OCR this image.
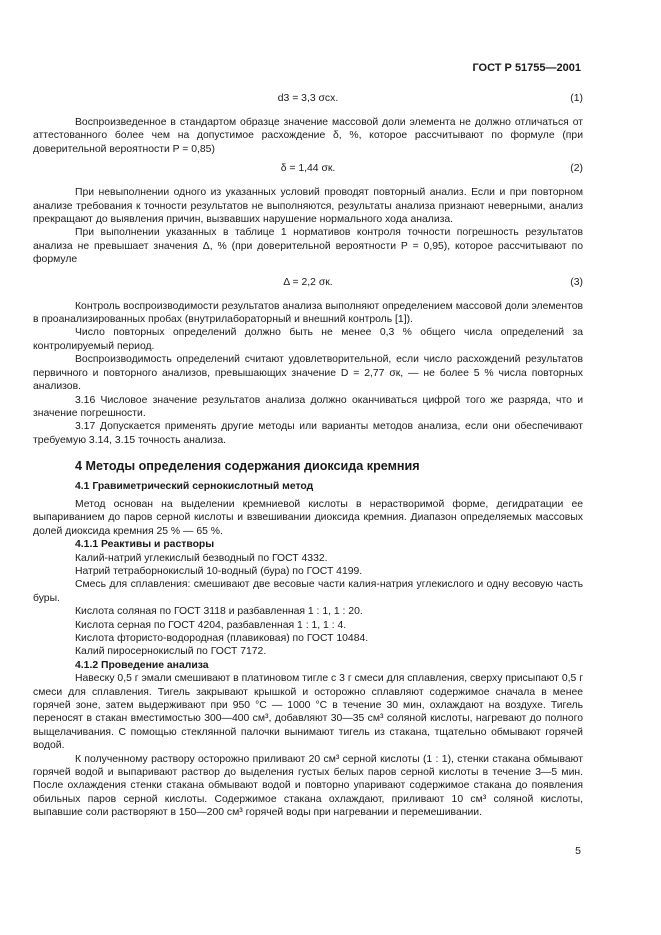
ГОСТ Р 51755—2001
d3 = 3,3 σcx.	(1)

Воспроизведенное в стандартом образце значение массовой доли элемента не должно отличаться от аттестованного более чем на допустимое расхождение δ, %, которое рассчитывают по формуле (при доверительной вероятности P = 0,85)

δ = 1,44 σк.	(2)

При невыполнении одного из указанных условий проводят повторный анализ. Если и при повторном анализе требования к точности результатов не выполняются, результаты анализа признают неверными, анализ прекращают до выявления причин, вызвавших нарушение нормального хода анализа.

При выполнении указанных в таблице 1 нормативов контроля точности погрешность результатов анализа не превышает значения Δ, % (при доверительной вероятности P = 0,95), которое рассчитывают по формуле

Δ = 2,2 σк.	(3)

Контроль воспроизводимости результатов анализа выполняют определением массовой доли элементов в проанализированных пробах (внутрилабораторный и внешний контроль [1]).

Число повторных определений должно быть не менее 0,3 % общего числа определений за контролируемый период.

Воспроизводимость определений считают удовлетворительной, если число расхождений результатов первичного и повторного анализов, превышающих значение D = 2,77 σк, — не более 5 % числа повторных анализов.

3.16 Числовое значение результатов анализа должно оканчиваться цифрой того же разряда, что и значение погрешности.

3.17 Допускается применять другие методы или варианты методов анализа, если они обеспечивают требуемую 3.14, 3.15 точность анализа.

4 Методы определения содержания диоксида кремния
4.1 Гравиметрический сернокислотный метод

Метод основан на выделении кремниевой кислоты в нерастворимой форме, дегидратации ее выпариванием до паров серной кислоты и взвешивании диоксида кремния. Диапазон определяемых массовых долей диоксида кремния 25 % — 65 %.

4.1.1 Реактивы и растворы

Калий-натрий углекислый безводный по ГОСТ 4332.

Натрий тетраборнокислый 10-водный (бура) по ГОСТ 4199.

Смесь для сплавления: смешивают две весовые части калия-натрия углекислого и одну весовую часть буры.

Кислота соляная по ГОСТ 3118 и разбавленная 1 : 1, 1 : 20.

Кислота серная по ГОСТ 4204, разбавленная 1 : 1, 1 : 4.

Кислота фтористо-водородная (плавиковая) по ГОСТ 10484.

Калий пиросернокислый по ГОСТ 7172.

4.1.2 Проведение анализа

Навеску 0,5 г эмали смешивают в платиновом тигле с 3 г смеси для сплавления, сверху присыпают 0,5 г смеси для сплавления. Тигель закрывают крышкой и осторожно сплавляют содержимое сначала в менее горячей зоне, затем выдерживают при 950 °С — 1000 °С в течение 30 мин, охлаждают на воздухе. Тигель переносят в стакан вместимостью 300—400 см³, добавляют 30—35 см³ соляной кислоты, нагревают до полного выщелачивания. С помощью стеклянной палочки вынимают тигель из стакана, тщательно обмывают горячей водой.

К полученному раствору осторожно приливают 20 см³ серной кислоты (1 : 1), стенки стакана обмывают горячей водой и выпаривают раствор до выделения густых белых паров серной кислоты в течение 3—5 мин. После охлаждения стенки стакана обмывают водой и повторно упаривают содержимое стакана до появления обильных паров серной кислоты. Содержимое стакана охлаждают, приливают 10 см³ соляной кислоты, выпавшие соли растворяют в 150—200 см³ горячей воды при нагревании и перемешивании.

5
